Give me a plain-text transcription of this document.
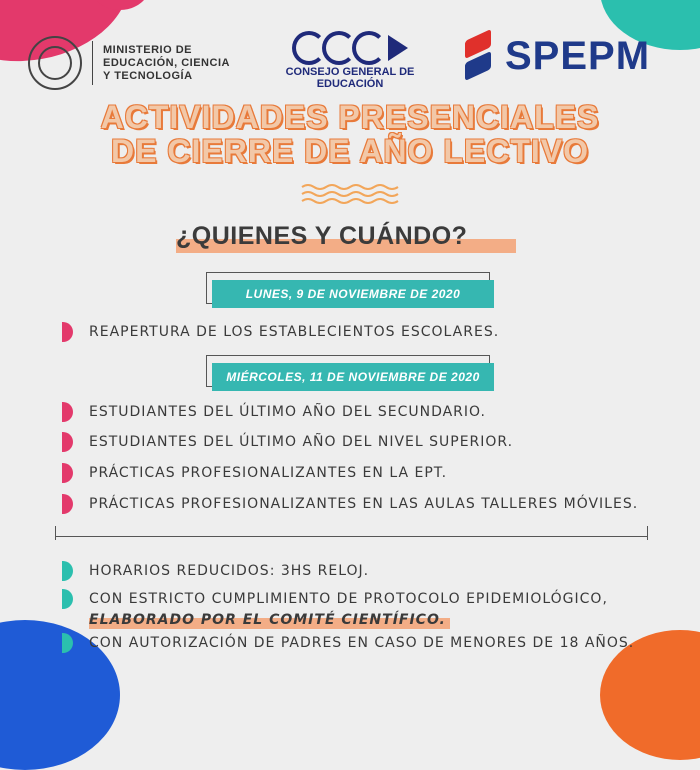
MINISTERIO DE
EDUCACIÓN, CIENCIA
Y TECNOLOGÍA	CONSEJO GENERAL DE EDUCACIÓN
SPEPM
ACTIVIDADES PRESENCIALES
DE CIERRE DE AÑO LECTIVO
¿QUIENES Y CUÁNDO?
LUNES, 9 DE NOVIEMBRE DE 2020
REAPERTURA DE LOS ESTABLECIENTOS ESCOLARES.
MIÉRCOLES, 11 DE NOVIEMBRE DE 2020
ESTUDIANTES DEL ÚLTIMO AÑO DEL SECUNDARIO.
ESTUDIANTES DEL ÚLTIMO AÑO DEL NIVEL SUPERIOR.
PRÁCTICAS PROFESIONALIZANTES EN LA EPT.
PRÁCTICAS PROFESIONALIZANTES EN LAS AULAS TALLERES MÓVILES.
HORARIOS REDUCIDOS: 3HS RELOJ.
CON ESTRICTO CUMPLIMIENTO DE PROTOCOLO EPIDEMIOLÓGICO,
ELABORADO POR EL COMITÉ CIENTÍFICO.
CON AUTORIZACIÓN DE PADRES EN CASO DE MENORES DE 18 AÑOS.
